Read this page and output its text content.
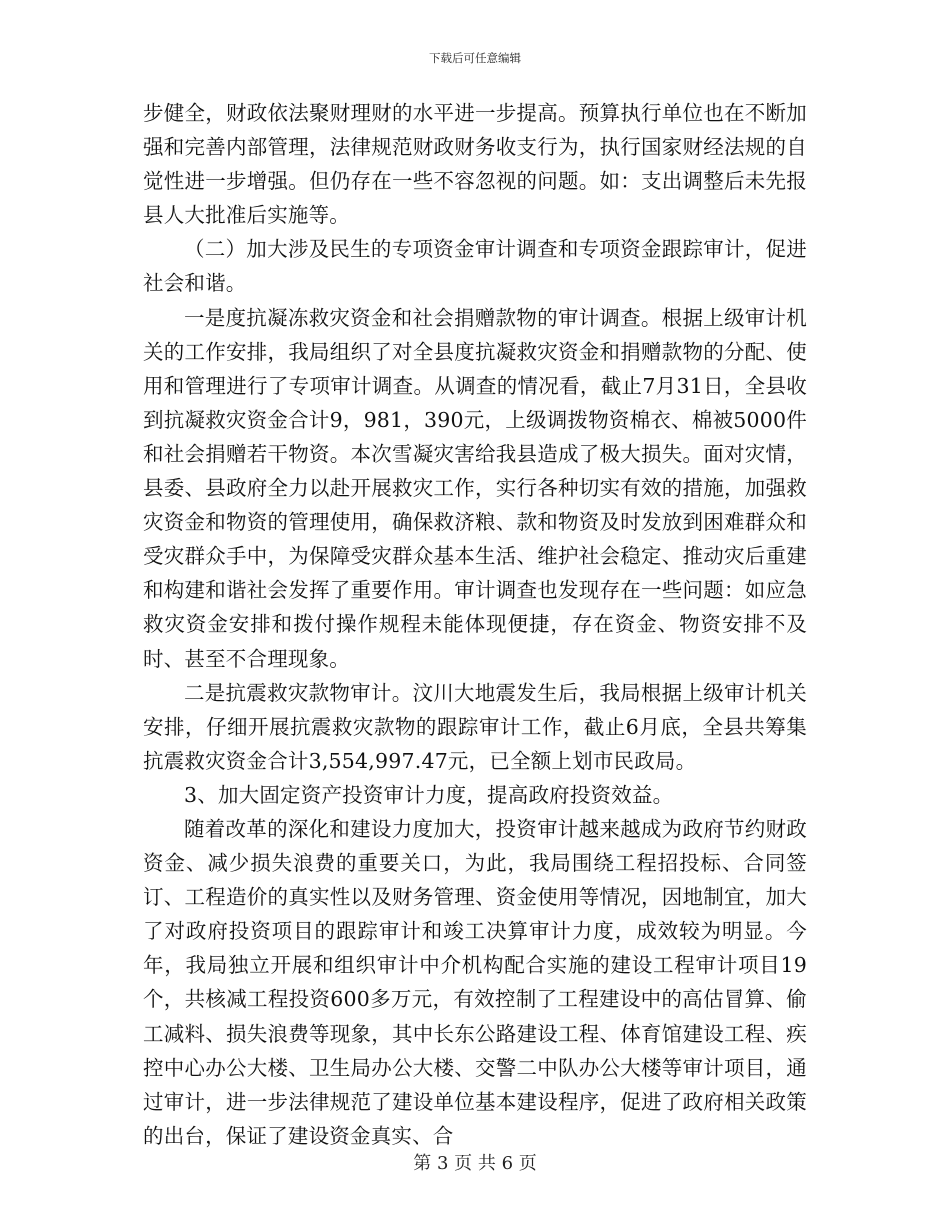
下载后可任意编辑

步健全，财政依法聚财理财的水平进一步提高。预算执行单位也在不断加强和完善内部管理，法律规范财政财务收支行为，执行国家财经法规的自觉性进一步增强。但仍存在一些不容忽视的问题。如：支出调整后未先报县人大批准后实施等。

（二）加大涉及民生的专项资金审计调查和专项资金跟踪审计，促进社会和谐。

一是度抗凝冻救灾资金和社会捐赠款物的审计调查。根据上级审计机关的工作安排，我局组织了对全县度抗凝救灾资金和捐赠款物的分配、使用和管理进行了专项审计调查。从调查的情况看，截止7月31日，全县收到抗凝救灾资金合计9，981，390元，上级调拨物资棉衣、棉被5000件和社会捐赠若干物资。本次雪凝灾害给我县造成了极大损失。面对灾情，县委、县政府全力以赴开展救灾工作，实行各种切实有效的措施，加强救灾资金和物资的管理使用，确保救济粮、款和物资及时发放到困难群众和受灾群众手中，为保障受灾群众基本生活、维护社会稳定、推动灾后重建和构建和谐社会发挥了重要作用。审计调查也发现存在一些问题：如应急救灾资金安排和拨付操作规程未能体现便捷，存在资金、物资安排不及时、甚至不合理现象。

二是抗震救灾款物审计。汶川大地震发生后，我局根据上级审计机关安排，仔细开展抗震救灾款物的跟踪审计工作，截止6月底，全县共筹集抗震救灾资金合计3,554,997.47元，已全额上划市民政局。

3、加大固定资产投资审计力度，提高政府投资效益。

随着改革的深化和建设力度加大，投资审计越来越成为政府节约财政资金、减少损失浪费的重要关口，为此，我局围绕工程招投标、合同签订、工程造价的真实性以及财务管理、资金使用等情况，因地制宜，加大了对政府投资项目的跟踪审计和竣工决算审计力度，成效较为明显。今年，我局独立开展和组织审计中介机构配合实施的建设工程审计项目19个，共核减工程投资600多万元，有效控制了工程建设中的高估冒算、偷工减料、损失浪费等现象，其中长东公路建设工程、体育馆建设工程、疾控中心办公大楼、卫生局办公大楼、交警二中队办公大楼等审计项目，通过审计，进一步法律规范了建设单位基本建设程序，促进了政府相关政策的出台，保证了建设资金真实、合

第 3 页 共 6 页
